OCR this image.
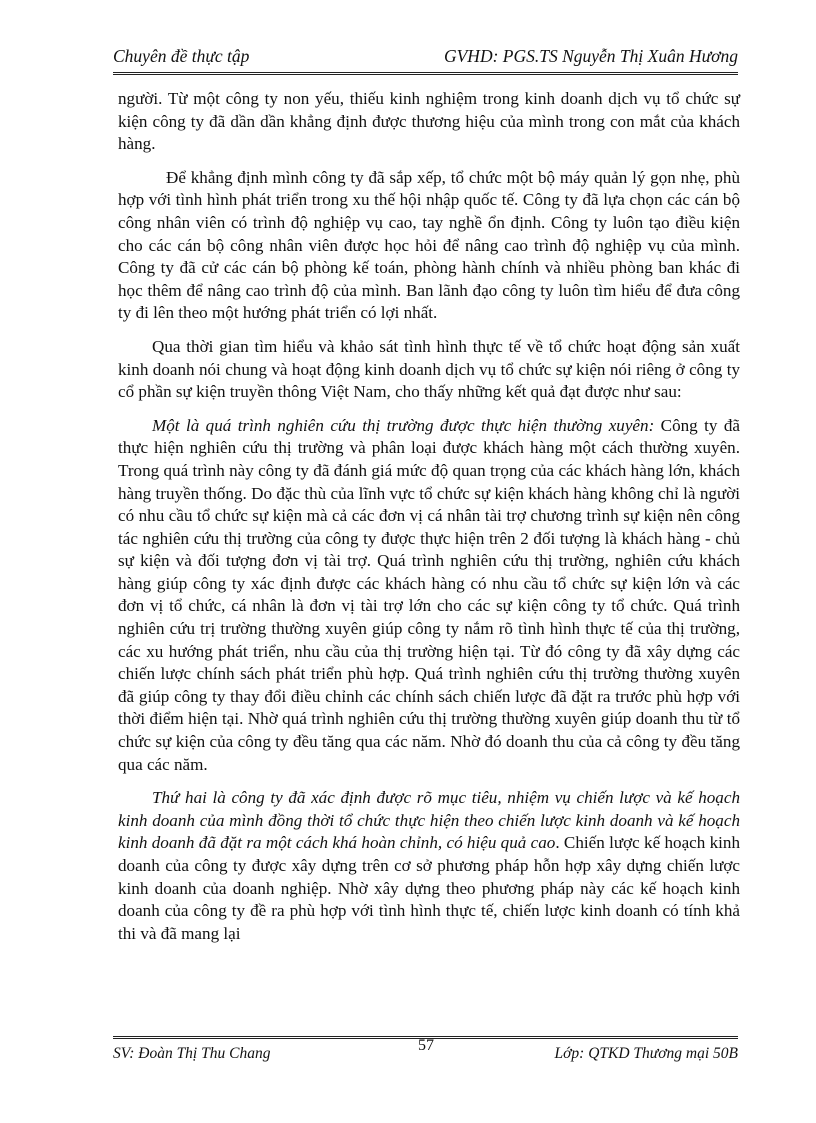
Chuyên đề thực tập	GVHD: PGS.TS Nguyễn Thị Xuân Hương

người. Từ một công ty non yếu, thiếu kinh nghiệm trong kinh doanh dịch vụ tổ chức sự kiện công ty đã dần dần khẳng định được thương hiệu của mình trong con mắt của khách hàng.

Để khẳng định mình công ty đã sắp xếp, tổ chức một bộ máy quản lý gọn nhẹ, phù hợp với tình hình phát triển trong xu thế hội nhập quốc tế. Công ty đã lựa chọn các cán bộ công nhân viên có trình độ nghiệp vụ cao, tay nghề ổn định. Công ty luôn tạo điều kiện cho các cán bộ công nhân viên được học hỏi để nâng cao trình độ nghiệp vụ của mình. Công ty đã cử các cán bộ phòng kế toán, phòng hành chính và nhiều phòng ban khác đi học thêm để nâng cao trình độ của mình. Ban lãnh đạo công ty luôn tìm hiểu để đưa công ty đi lên theo một hướng phát triển có lợi nhất.

Qua thời gian tìm hiểu và khảo sát tình hình thực tế về tổ chức hoạt động sản xuất kinh doanh nói chung và hoạt động kinh doanh dịch vụ tổ chức sự kiện nói riêng ở công ty cổ phần sự kiện truyền thông Việt Nam, cho thấy những kết quả đạt được như sau:

Một là quá trình nghiên cứu thị trường được thực hiện thường xuyên: Công ty đã thực hiện nghiên cứu thị trường và phân loại được khách hàng một cách thường xuyên. Trong quá trình này công ty đã đánh giá mức độ quan trọng của các khách hàng lớn, khách hàng truyền thống. Do đặc thù của lĩnh vực tổ chức sự kiện khách hàng không chỉ là người có nhu cầu tổ chức sự kiện mà cả các đơn vị cá nhân tài trợ chương trình sự kiện nên công tác nghiên cứu thị trường của công ty được thực hiện trên 2 đối tượng là khách hàng - chủ sự kiện và đối tượng đơn vị tài trợ. Quá trình nghiên cứu thị trường, nghiên cứu khách hàng giúp công ty xác định được các khách hàng có nhu cầu tổ chức sự kiện lớn và các đơn vị tổ chức, cá nhân là đơn vị tài trợ lớn cho các sự kiện công ty tổ chức. Quá trình nghiên cứu trị trường thường xuyên giúp công ty nắm rõ tình hình thực tế của thị trường, các xu hướng phát triển, nhu cầu của thị trường hiện tại. Từ đó công ty đã xây dựng các chiến lược chính sách phát triển phù hợp. Quá trình nghiên cứu thị trường thường xuyên đã giúp công ty thay đổi điều chỉnh các chính sách chiến lược đã đặt ra trước phù hợp với thời điểm hiện tại. Nhờ quá trình nghiên cứu thị trường thường xuyên giúp doanh thu từ tổ chức sự kiện của công ty đều tăng qua các năm. Nhờ đó doanh thu của cả công ty đều tăng qua các năm.

Thứ hai là công ty đã xác định được rõ mục tiêu, nhiệm vụ chiến lược và kế hoạch kinh doanh của mình đồng thời tổ chức thực hiện theo chiến lược kinh doanh và kế hoạch kinh doanh đã đặt ra một cách khá hoàn chỉnh, có hiệu quả cao. Chiến lược kế hoạch kinh doanh của công ty được xây dựng trên cơ sở phương pháp hỗn hợp xây dựng chiến lược kinh doanh của doanh nghiệp. Nhờ xây dựng theo phương pháp này các kế hoạch kinh doanh của công ty đề ra phù hợp với tình hình thực tế, chiến lược kinh doanh có tính khả thi và đã mang lại

SV: Đoàn Thị Thu Chang	57	Lớp: QTKD Thương mại 50B
